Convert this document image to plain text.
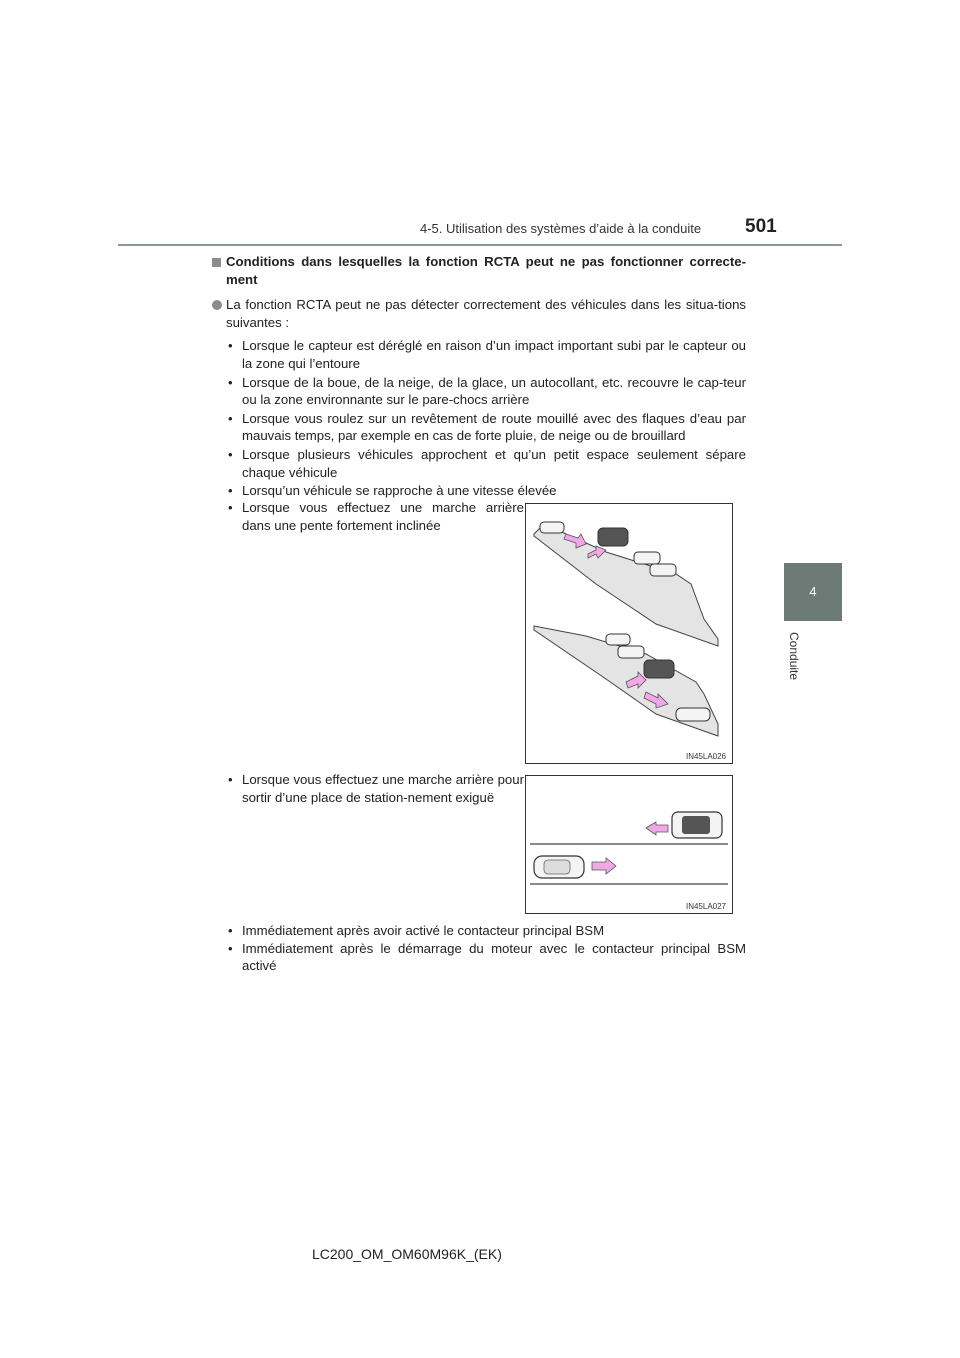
4-5. Utilisation des systèmes d’aide à la conduite 501
4
Conduite
Conditions dans lesquelles la fonction RCTA peut ne pas fonctionner correcte-ment
La fonction RCTA peut ne pas détecter correctement des véhicules dans les situa-tions suivantes :
• Lorsque le capteur est déréglé en raison d’un impact important subi par le capteur ou la zone qui l’entoure
• Lorsque de la boue, de la neige, de la glace, un autocollant, etc. recouvre le cap-teur ou la zone environnante sur le pare-chocs arrière
• Lorsque vous roulez sur un revêtement de route mouillé avec des flaques d’eau par mauvais temps, par exemple en cas de forte pluie, de neige ou de brouillard
• Lorsque plusieurs véhicules approchent et qu’un petit espace seulement sépare chaque véhicule
• Lorsqu’un véhicule se rapproche à une vitesse élevée
• Lorsque vous effectuez une marche arrière dans une pente fortement inclinée
IN45LA026
• Lorsque vous effectuez une marche arrière pour sortir d’une place de station-nement exiguë
IN45LA027
• Immédiatement après avoir activé le contacteur principal BSM
• Immédiatement après le démarrage du moteur avec le contacteur principal BSM activé
LC200_OM_OM60M96K_(EK)
